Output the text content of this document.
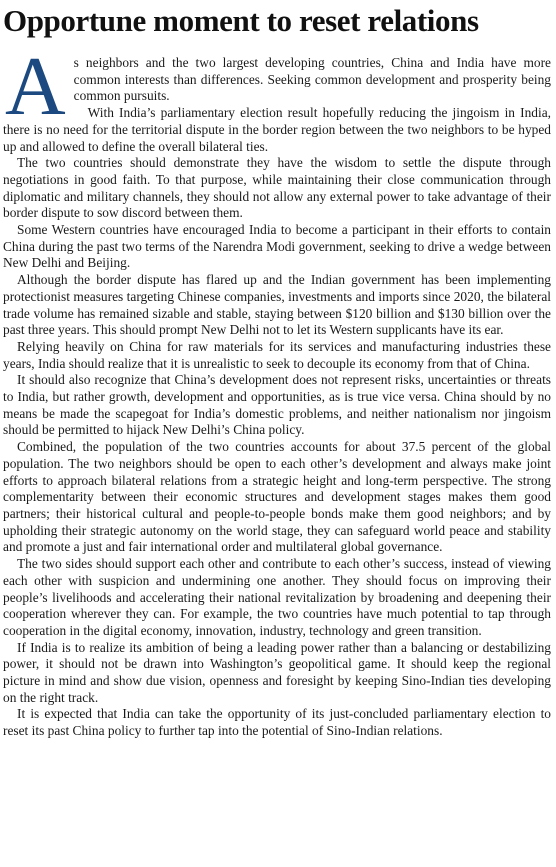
Opportune moment to reset relations

As neighbors and the two largest developing countries, China and India have more common interests than differences. Seeking common development and prosperity being common pursuits.

With India’s parliamentary election result hopefully reducing the jingoism in India, there is no need for the territorial dispute in the border region between the two neighbors to be hyped up and allowed to define the overall bilateral ties.

The two countries should demonstrate they have the wisdom to settle the dispute through negotiations in good faith. To that purpose, while maintaining their close communication through diplomatic and military channels, they should not allow any external power to take advantage of their border dispute to sow discord between them.

Some Western countries have encouraged India to become a participant in their efforts to contain China during the past two terms of the Narendra Modi government, seeking to drive a wedge between New Delhi and Beijing.

Although the border dispute has flared up and the Indian government has been implementing protectionist measures targeting Chinese companies, investments and imports since 2020, the bilateral trade volume has remained sizable and stable, staying between $120 billion and $130 billion over the past three years. This should prompt New Delhi not to let its Western supplicants have its ear.

Relying heavily on China for raw materials for its services and manufacturing industries these years, India should realize that it is unrealistic to seek to decouple its economy from that of China.

It should also recognize that China’s development does not represent risks, uncertainties or threats to India, but rather growth, development and opportunities, as is true vice versa. China should by no means be made the scapegoat for India’s domestic problems, and neither nationalism nor jingoism should be permitted to hijack New Delhi’s China policy.

Combined, the population of the two countries accounts for about 37.5 percent of the global population. The two neighbors should be open to each other’s development and always make joint efforts to approach bilateral relations from a strategic height and long-term perspective. The strong complementarity between their economic structures and development stages makes them good partners; their historical cultural and people-to-people bonds make them good neighbors; and by upholding their strategic autonomy on the world stage, they can safeguard world peace and stability and promote a just and fair international order and multilateral global governance.

The two sides should support each other and contribute to each other’s success, instead of viewing each other with suspicion and undermining one another. They should focus on improving their people’s livelihoods and accelerating their national revitalization by broadening and deepening their cooperation wherever they can. For example, the two countries have much potential to tap through cooperation in the digital economy, innovation, industry, technology and green transition.

If India is to realize its ambition of being a leading power rather than a balancing or destabilizing power, it should not be drawn into Washington’s geopolitical game. It should keep the regional picture in mind and show due vision, openness and foresight by keeping Sino-Indian ties developing on the right track.

It is expected that India can take the opportunity of its just-concluded parliamentary election to reset its past China policy to further tap into the potential of Sino-Indian relations.
